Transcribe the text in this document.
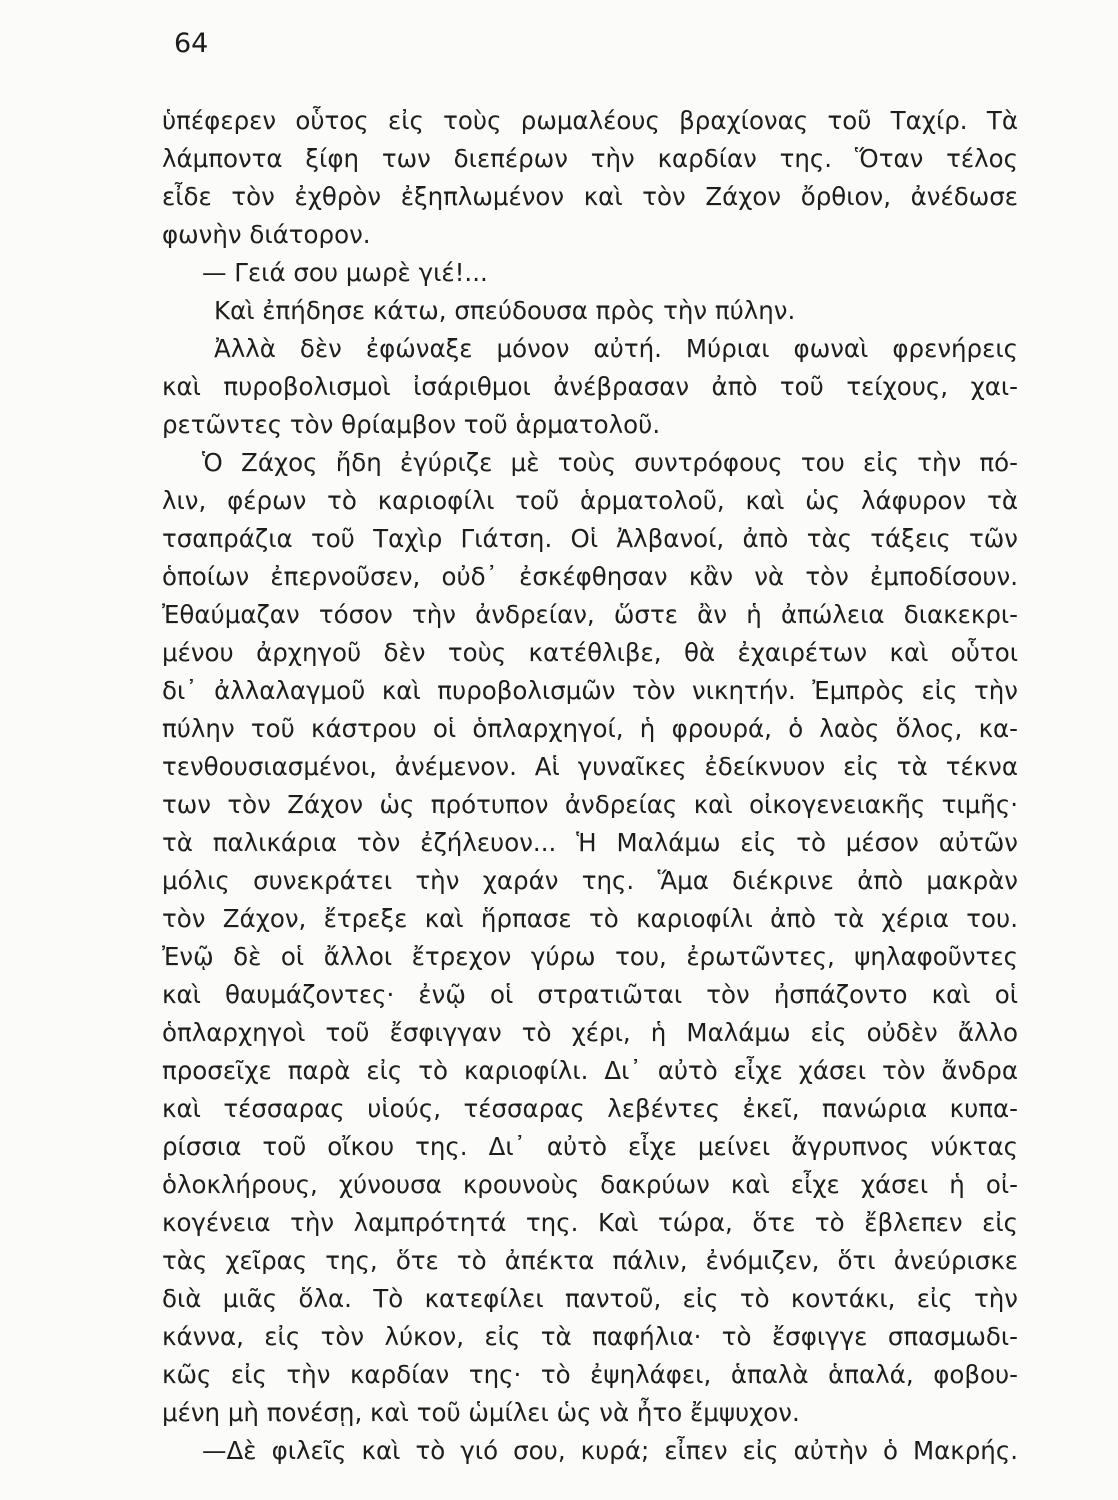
64

ὑπέφερεν οὗτος εἰς τοὺς ρωμαλέους βραχίονας τοῦ Ταχίρ. Τὰ

λάμποντα ξίφη των διεπέρων τὴν καρδίαν της. Ὅταν τέλος

εἶδε τὸν ἐχθρὸν ἐξηπλωμένον καὶ τὸν Ζάχον ὄρθιον, ἀνέδωσε

φωνὴν διάτορον.

— Γειά σου μωρὲ γιέ!...

Καὶ ἐπήδησε κάτω, σπεύδουσα πρὸς τὴν πύλην.

Ἀλλὰ δὲν ἐφώναξε μόνον αὐτή. Μύριαι φωναὶ φρενήρεις

καὶ πυροβολισμοὶ ἰσάριθμοι ἀνέβρασαν ἀπὸ τοῦ τείχους, χαι-

ρετῶντες τὸν θρίαμβον τοῦ ἁρματολοῦ.

Ὁ Ζάχος ἤδη ἐγύριζε μὲ τοὺς συντρόφους του εἰς τὴν πό-

λιν, φέρων τὸ καριοφίλι τοῦ ἁρματολοῦ, καὶ ὡς λάφυρον τὰ

τσαπράζια τοῦ Ταχὶρ Γιάτση. Οἱ Ἀλβανοί, ἀπὸ τὰς τάξεις τῶν

ὁποίων ἐπερνοῦσεν, οὐδ᾽ ἐσκέφθησαν κἂν νὰ τὸν ἐμποδίσουν.

Ἐθαύμαζαν τόσον τὴν ἀνδρείαν, ὥστε ἂν ἡ ἀπώλεια διακεκρι-

μένου ἀρχηγοῦ δὲν τοὺς κατέθλιβε, θὰ ἐχαιρέτων καὶ οὗτοι

δι᾽ ἀλλαλαγμοῦ καὶ πυροβολισμῶν τὸν νικητήν. Ἐμπρὸς εἰς τὴν

πύλην τοῦ κάστρου οἱ ὁπλαρχηγοί, ἡ φρουρά, ὁ λαὸς ὅλος, κα-

τενθουσιασμένοι, ἀνέμενον. Αἱ γυναῖκες ἐδείκνυον εἰς τὰ τέκνα

των τὸν Ζάχον ὡς πρότυπον ἀνδρείας καὶ οἰκογενειακῆς τιμῆς·

τὰ παλικάρια τὸν ἐζήλευον... Ἡ Μαλάμω εἰς τὸ μέσον αὐτῶν

μόλις συνεκράτει τὴν χαράν της. Ἅμα διέκρινε ἀπὸ μακρὰν

τὸν Ζάχον, ἔτρεξε καὶ ἥρπασε τὸ καριοφίλι ἀπὸ τὰ χέρια του.

Ἐνῷ δὲ οἱ ἄλλοι ἔτρεχον γύρω του, ἐρωτῶντες, ψηλαφοῦντες

καὶ θαυμάζοντες· ἐνῷ οἱ στρατιῶται τὸν ἠσπάζοντο καὶ οἱ

ὁπλαρχηγοὶ τοῦ ἔσφιγγαν τὸ χέρι, ἡ Μαλάμω εἰς οὐδὲν ἄλλο

προσεῖχε παρὰ εἰς τὸ καριοφίλι. Δι᾽ αὐτὸ εἶχε χάσει τὸν ἄνδρα

καὶ τέσσαρας υἱούς, τέσσαρας λεβέντες ἐκεῖ, πανώρια κυπα-

ρίσσια τοῦ οἴκου της. Δι᾽ αὐτὸ εἶχε μείνει ἄγρυπνος νύκτας

ὁλοκλήρους, χύνουσα κρουνοὺς δακρύων καὶ εἶχε χάσει ἡ οἰ-

κογένεια τὴν λαμπρότητά της. Καὶ τώρα, ὅτε τὸ ἔβλεπεν εἰς

τὰς χεῖρας της, ὅτε τὸ ἀπέκτα πάλιν, ἐνόμιζεν, ὅτι ἀνεύρισκε

διὰ μιᾶς ὅλα. Τὸ κατεφίλει παντοῦ, εἰς τὸ κοντάκι, εἰς τὴν

κάννα, εἰς τὸν λύκον, εἰς τὰ παφήλια· τὸ ἔσφιγγε σπασμωδι-

κῶς εἰς τὴν καρδίαν της· τὸ ἐψηλάφει, ἁπαλὰ ἁπαλά, φοβου-

μένη μὴ πονέσῃ, καὶ τοῦ ὡμίλει ὡς νὰ ἦτο ἔμψυχον.

—Δὲ φιλεῖς καὶ τὸ γιό σου, κυρά; εἶπεν εἰς αὐτὴν ὁ Μακρής.
